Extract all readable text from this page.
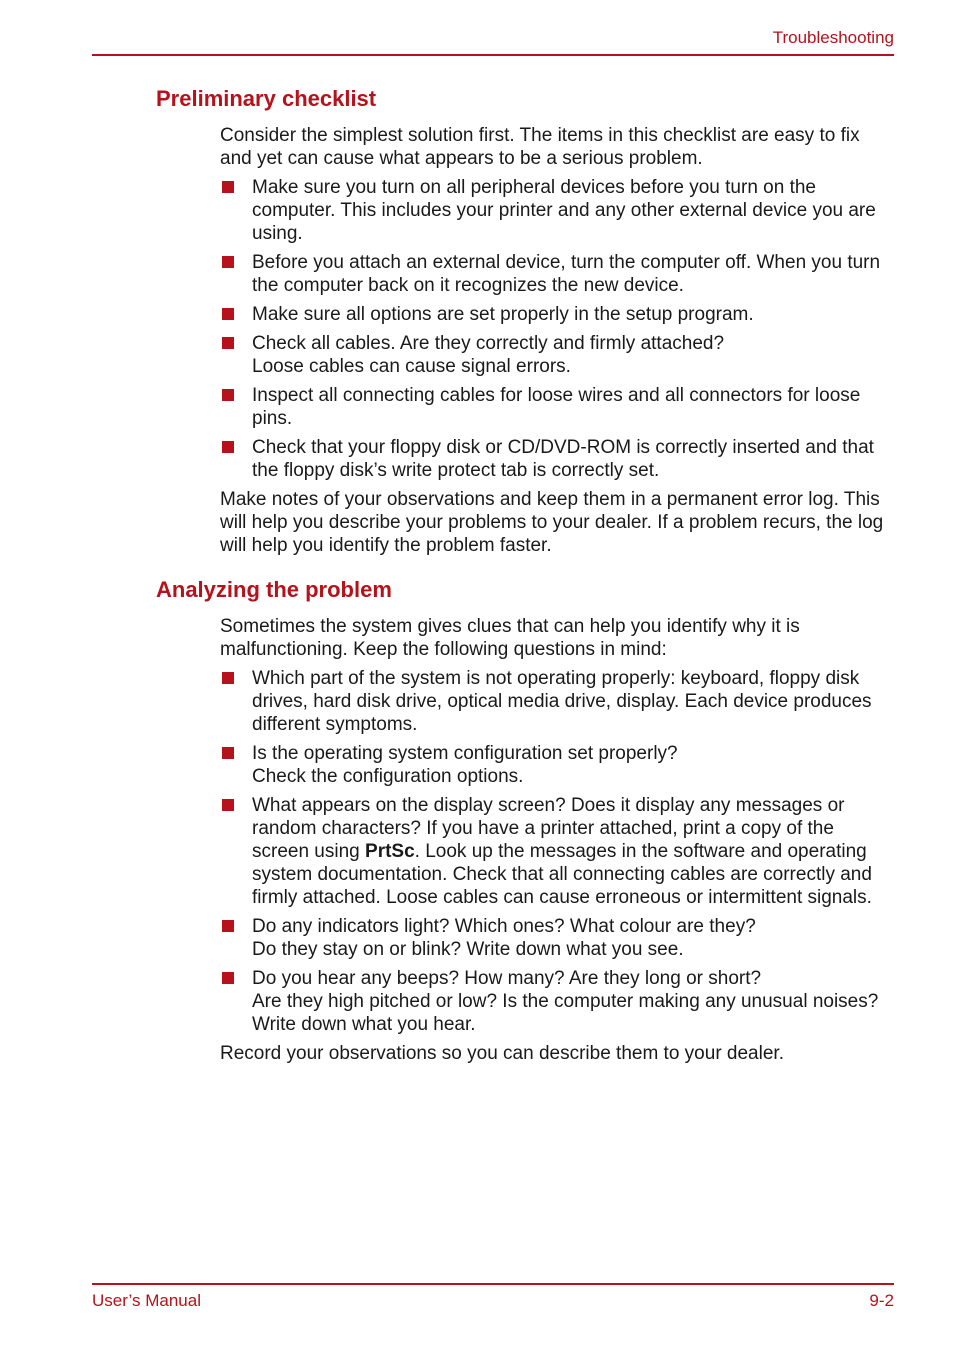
Troubleshooting
Preliminary checklist

Consider the simplest solution first. The items in this checklist are easy to fix and yet can cause what appears to be a serious problem.

Make sure you turn on all peripheral devices before you turn on the computer. This includes your printer and any other external device you are using.
Before you attach an external device, turn the computer off. When you turn the computer back on it recognizes the new device.
Make sure all options are set properly in the setup program.
Check all cables. Are they correctly and firmly attached?
Loose cables can cause signal errors.
Inspect all connecting cables for loose wires and all connectors for loose pins.
Check that your floppy disk or CD/DVD-ROM is correctly inserted and that the floppy disk’s write protect tab is correctly set.

Make notes of your observations and keep them in a permanent error log. This will help you describe your problems to your dealer. If a problem recurs, the log will help you identify the problem faster.

Analyzing the problem

Sometimes the system gives clues that can help you identify why it is malfunctioning. Keep the following questions in mind:

Which part of the system is not operating properly: keyboard, floppy disk drives, hard disk drive, optical media drive, display. Each device produces different symptoms.
Is the operating system configuration set properly?
Check the configuration options.
What appears on the display screen? Does it display any messages or random characters? If you have a printer attached, print a copy of the screen using PrtSc. Look up the messages in the software and operating system documentation. Check that all connecting cables are correctly and firmly attached. Loose cables can cause erroneous or intermittent signals.
Do any indicators light? Which ones? What colour are they?
Do they stay on or blink? Write down what you see.
Do you hear any beeps? How many? Are they long or short?
Are they high pitched or low? Is the computer making any unusual noises? Write down what you hear.

Record your observations so you can describe them to your dealer.

User’s Manual	9-2
